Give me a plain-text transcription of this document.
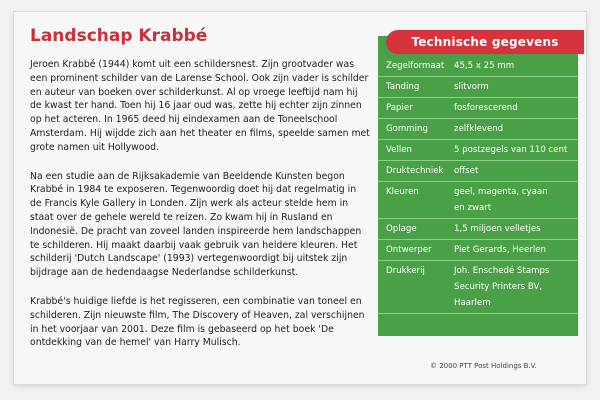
Landschap Krabbé

Jeroen Krabbé (1944) komt uit een schildersnest. Zijn grootvader was een prominent schilder van de Larense School. Ook zijn vader is schilder en auteur van boeken over schilderkunst. Al op vroege leeftijd nam hij de kwast ter hand. Toen hij 16 jaar oud was, zette hij echter zijn zinnen op het acteren. In 1965 deed hij eindexamen aan de Toneelschool Amsterdam. Hij wijdde zich aan het theater en films, speelde samen met grote namen uit Hollywood.

Na een studie aan de Rijksakademie van Beeldende Kunsten begon Krabbé in 1984 te exposeren. Tegenwoordig doet hij dat regelmatig in de Francis Kyle Gallery in Londen. Zijn werk als acteur stelde hem in staat over de gehele wereld te reizen. Zo kwam hij in Rusland en Indonesië. De pracht van zoveel landen inspireerde hem landschappen te schilderen. Hij maakt daarbij vaak gebruik van heldere kleuren. Het schilderij 'Dutch Landscape' (1993) vertegenwoordigt bij uitstek zijn bijdrage aan de hedendaagse Nederlandse schilderkunst.

Krabbé's huidige liefde is het regisseren, een combinatie van toneel en schilderen. Zijn nieuwste film, The Discovery of Heaven, zal verschijnen in het voorjaar van 2001. Deze film is gebaseerd op het boek 'De ontdekking van de hemel' van Harry Mulisch.

Technische gegevens
Zegelformaat	45,5 x 25 mm
Tanding	slitvorm
Papier	fosforescerend
Gomming	zelfklevend
Vellen	5 postzegels van 110 cent
Druktechniek	offset
Kleuren	geel, magenta, cyaan
en zwart
Oplage	1,5 miljoen velletjes
Ontwerper	Piet Gerards, Heerlen
Drukkerij	Joh. Enschedé Stamps
Security Printers BV,
Haarlem
© 2000 PTT Post Holdings B.V.
